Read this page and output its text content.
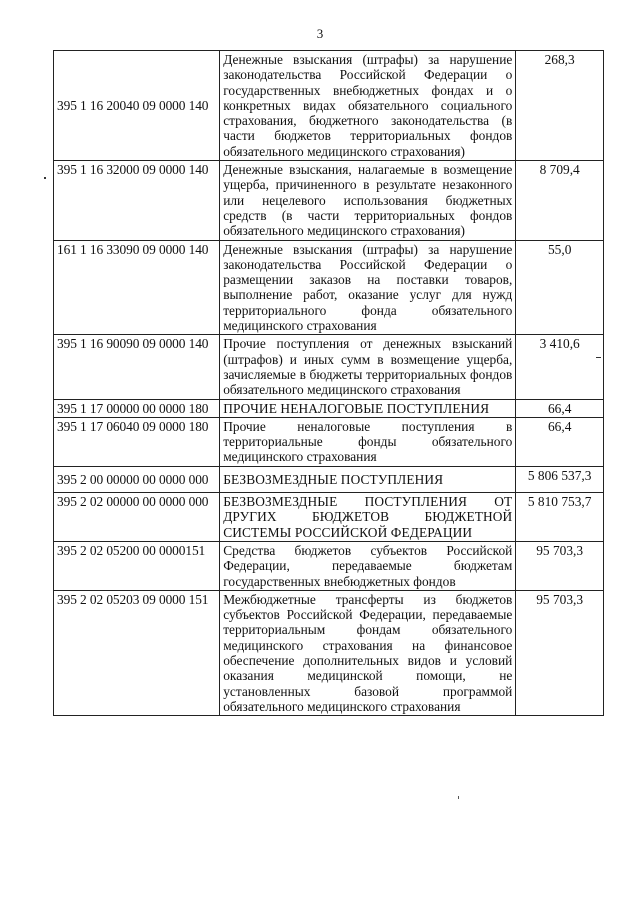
3
395 1 16 20040 09 0000 140	Денежные взыскания (штрафы) за нарушение законодательства Российской Федерации о государственных внебюджетных фондах и о конкретных видах обязательного социального страхования, бюджетного законодательства (в части бюджетов территориальных фондов обязательного медицинского страхования)	268,3
395 1 16 32000 09 0000 140	Денежные взыскания, налагаемые в возмещение ущерба, причиненного в результате незаконного или нецелевого использования бюджетных средств (в части территориальных фондов обязательного медицинского страхования)	8 709,4
161 1 16 33090 09 0000 140	Денежные взыскания (штрафы) за нарушение законодательства Российской Федерации о размещении заказов на поставки товаров, выполнение работ, оказание услуг для нужд территориального фонда обязательного медицинского страхования	55,0
395 1 16 90090 09 0000 140	Прочие поступления от денежных взысканий (штрафов) и иных сумм в возмещение ущерба, зачисляемые в бюджеты территориальных фондов обязательного медицинского страхования	3 410,6
395 1 17 00000 00 0000 180	ПРОЧИЕ НЕНАЛОГОВЫЕ ПОСТУПЛЕНИЯ	66,4
395 1 17 06040 09 0000 180	Прочие неналоговые поступления в территориальные фонды обязательного медицинского страхования	66,4
395 2 00 00000 00 0000 000	БЕЗВОЗМЕЗДНЫЕ ПОСТУПЛЕНИЯ	5 806 537,3
395 2 02 00000 00 0000 000	БЕЗВОЗМЕЗДНЫЕ ПОСТУПЛЕНИЯ ОТ ДРУГИХ БЮДЖЕТОВ БЮДЖЕТНОЙ СИСТЕМЫ РОССИЙСКОЙ ФЕДЕРАЦИИ	5 810 753,7
395 2 02 05200 00 0000151	Средства бюджетов субъектов Российской Федерации, передаваемые бюджетам государственных внебюджетных фондов	95 703,3
395 2 02 05203 09 0000 151	Межбюджетные трансферты из бюджетов субъектов Российской Федерации, передаваемые территориальным фондам обязательного медицинского страхования на финансовое обеспечение дополнительных видов и условий оказания медицинской помощи, не установленных базовой программой обязательного медицинского страхования	95 703,3
